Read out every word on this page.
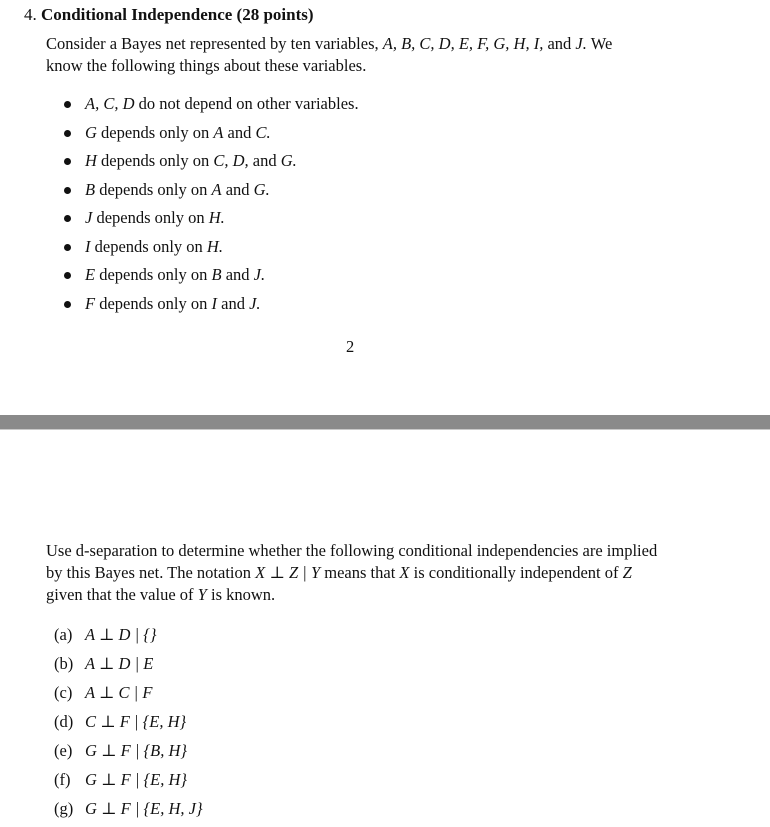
4. Conditional Independence (28 points)
Consider a Bayes net represented by ten variables, A, B, C, D, E, F, G, H, I, and J. We
know the following things about these variables.
A, C, D do not depend on other variables.
G depends only on A and C.
H depends only on C, D, and G.
B depends only on A and G.
J depends only on H.
I depends only on H.
E depends only on B and J.
F depends only on I and J.
2
Use d-separation to determine whether the following conditional independencies are implied
by this Bayes net. The notation X ⊥ Z | Y means that X is conditionally independent of Z
given that the value of Y is known.
(a) A ⊥ D | {}
(b) A ⊥ D | E
(c) A ⊥ C | F
(d) C ⊥ F | {E, H}
(e) G ⊥ F | {B, H}
(f) G ⊥ F | {E, H}
(g) G ⊥ F | {E, H, J}
